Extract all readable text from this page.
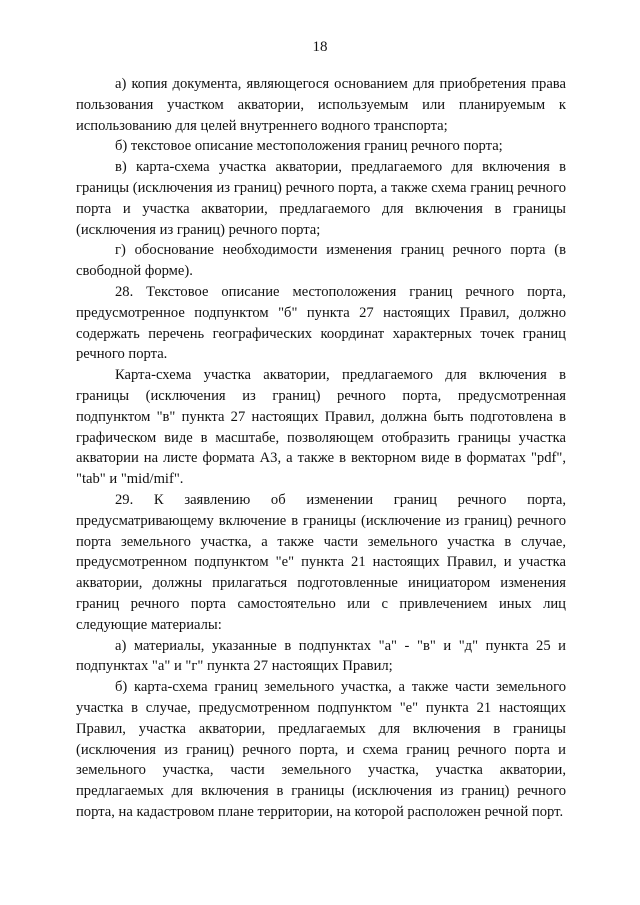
18

а) копия документа, являющегося основанием для приобретения права пользования участком акватории, используемым или планируемым к использованию для целей внутреннего водного транспорта;

б) текстовое описание местоположения границ речного порта;

в) карта-схема участка акватории, предлагаемого для включения в границы (исключения из границ) речного порта, а также схема границ речного порта и участка акватории, предлагаемого для включения в границы (исключения из границ) речного порта;

г) обоснование необходимости изменения границ речного порта (в свободной форме).

28. Текстовое описание местоположения границ речного порта, предусмотренное подпунктом "б" пункта 27 настоящих Правил, должно содержать перечень географических координат характерных точек границ речного порта.

Карта-схема участка акватории, предлагаемого для включения в границы (исключения из границ) речного порта, предусмотренная подпунктом "в" пункта 27 настоящих Правил, должна быть подготовлена в графическом виде в масштабе, позволяющем отобразить границы участка акватории на листе формата А3, а также в векторном виде в форматах "pdf", "tab" и "mid/mif".

29. К заявлению об изменении границ речного порта, предусматривающему включение в границы (исключение из границ) речного порта земельного участка, а также части земельного участка в случае, предусмотренном подпунктом "е" пункта 21 настоящих Правил, и участка акватории, должны прилагаться подготовленные инициатором изменения границ речного порта самостоятельно или с привлечением иных лиц следующие материалы:

а) материалы, указанные в подпунктах "а" - "в" и "д" пункта 25 и подпунктах "а" и "г" пункта 27 настоящих Правил;

б) карта-схема границ земельного участка, а также части земельного участка в случае, предусмотренном подпунктом "е" пункта 21 настоящих Правил, участка акватории, предлагаемых для включения в границы (исключения из границ) речного порта, и схема границ речного порта и земельного участка, части земельного участка, участка акватории, предлагаемых для включения в границы (исключения из границ) речного порта, на кадастровом плане территории, на которой расположен речной порт.
